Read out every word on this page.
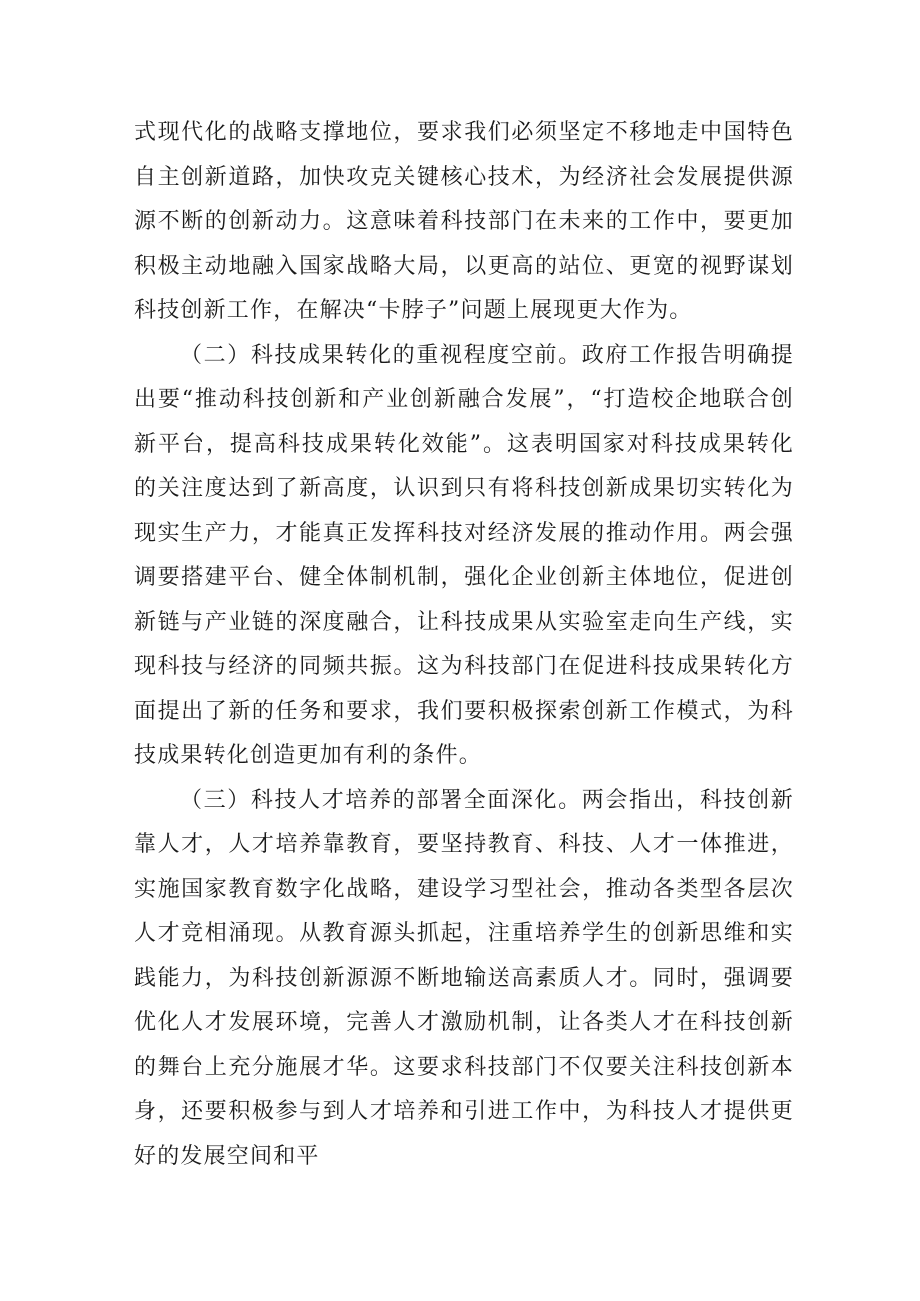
式现代化的战略支撑地位，要求我们必须坚定不移地走中国特色自主创新道路，加快攻克关键核心技术，为经济社会发展提供源源不断的创新动力。这意味着科技部门在未来的工作中，要更加积极主动地融入国家战略大局，以更高的站位、更宽的视野谋划科技创新工作，在解决“卡脖子”问题上展现更大作为。

（二）科技成果转化的重视程度空前。政府工作报告明确提出要“推动科技创新和产业创新融合发展”，“打造校企地联合创新平台，提高科技成果转化效能”。这表明国家对科技成果转化的关注度达到了新高度，认识到只有将科技创新成果切实转化为现实生产力，才能真正发挥科技对经济发展的推动作用。两会强调要搭建平台、健全体制机制，强化企业创新主体地位，促进创新链与产业链的深度融合，让科技成果从实验室走向生产线，实现科技与经济的同频共振。这为科技部门在促进科技成果转化方面提出了新的任务和要求，我们要积极探索创新工作模式，为科技成果转化创造更加有利的条件。

（三）科技人才培养的部署全面深化。两会指出，科技创新靠人才，人才培养靠教育，要坚持教育、科技、人才一体推进，实施国家教育数字化战略，建设学习型社会，推动各类型各层次人才竞相涌现。从教育源头抓起，注重培养学生的创新思维和实践能力，为科技创新源源不断地输送高素质人才。同时，强调要优化人才发展环境，完善人才激励机制，让各类人才在科技创新的舞台上充分施展才华。这要求科技部门不仅要关注科技创新本身，还要积极参与到人才培养和引进工作中，为科技人才提供更好的发展空间和平
